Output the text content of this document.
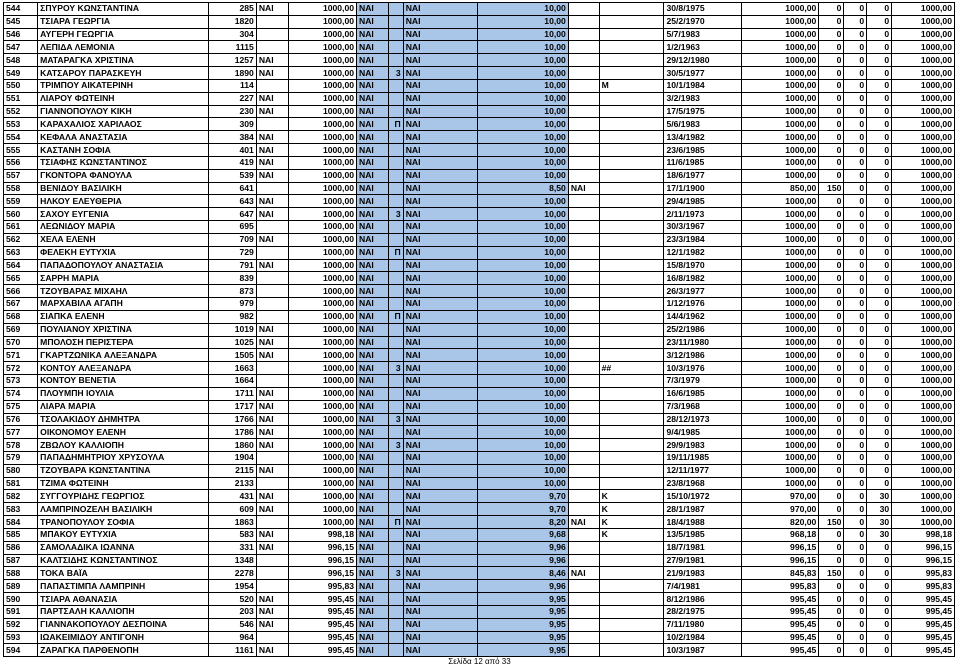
544	ΣΠΥΡΟΥ ΚΩΝΣΤΑΝΤΙΝΑ	285	ΝΑΙ	1000,00	ΝΑΙ		ΝΑΙ	10,00			30/8/1975	1000,00	0	0	0	1000,00
545	ΤΣΙΑΡΑ ΓΕΩΡΓΙΑ	1820		1000,00	ΝΑΙ		ΝΑΙ	10,00			25/2/1970	1000,00	0	0	0	1000,00
546	ΑΥΓΕΡΗ ΓΕΩΡΓΙΑ	304		1000,00	ΝΑΙ		ΝΑΙ	10,00			5/7/1983	1000,00	0	0	0	1000,00
547	ΛΕΠΙΔΑ ΛΕΜΟΝΙΑ	1115		1000,00	ΝΑΙ		ΝΑΙ	10,00			1/2/1963	1000,00	0	0	0	1000,00
548	ΜΑΤΑΡΑΓΚΑ ΧΡΙΣΤΙΝΑ	1257	ΝΑΙ	1000,00	ΝΑΙ		ΝΑΙ	10,00			29/12/1980	1000,00	0	0	0	1000,00
549	ΚΑΤΣΑΡΟΥ ΠΑΡΑΣΚΕΥΗ	1890	ΝΑΙ	1000,00	ΝΑΙ	3	ΝΑΙ	10,00			30/5/1977	1000,00	0	0	0	1000,00
550	ΤΡΙΜΠΟΥ ΑΙΚΑΤΕΡΙΝΗ	114		1000,00	ΝΑΙ		ΝΑΙ	10,00		Μ	10/1/1984	1000,00	0	0	0	1000,00
551	ΛΙΑΡΟΥ ΦΩΤΕΙΝΗ	227	ΝΑΙ	1000,00	ΝΑΙ		ΝΑΙ	10,00			3/2/1983	1000,00	0	0	0	1000,00
552	ΓΙΑΝΝΟΠΟΥΛΟΥ ΚΙΚΗ	230	ΝΑΙ	1000,00	ΝΑΙ		ΝΑΙ	10,00			17/5/1975	1000,00	0	0	0	1000,00
553	ΚΑΡΑΧΑΛΙΟΣ ΧΑΡΙΛΑΟΣ	309		1000,00	ΝΑΙ	Π	ΝΑΙ	10,00			5/6/1983	1000,00	0	0	0	1000,00
554	ΚΕΦΑΛΑ ΑΝΑΣΤΑΣΙΑ	384	ΝΑΙ	1000,00	ΝΑΙ		ΝΑΙ	10,00			13/4/1982	1000,00	0	0	0	1000,00
555	ΚΑΣΤΑΝΗ ΣΟΦΙΑ	401	ΝΑΙ	1000,00	ΝΑΙ		ΝΑΙ	10,00			23/6/1985	1000,00	0	0	0	1000,00
556	ΤΣΙΑΦΗΣ ΚΩΝΣΤΑΝΤΙΝΟΣ	419	ΝΑΙ	1000,00	ΝΑΙ		ΝΑΙ	10,00			11/6/1985	1000,00	0	0	0	1000,00
557	ΓΚΟΝΤΟΡΑ ΦΑΝΟΥΛΑ	539	ΝΑΙ	1000,00	ΝΑΙ		ΝΑΙ	10,00			18/6/1977	1000,00	0	0	0	1000,00
558	ΒΕΝΙΔΟΥ ΒΑΣΙΛΙΚΗ	641		1000,00	ΝΑΙ		ΝΑΙ	8,50	ΝΑΙ		17/1/1900	850,00	150	0	0	1000,00
559	ΗΛΚΟΥ ΕΛΕΥΘΕΡΙΑ	643	ΝΑΙ	1000,00	ΝΑΙ		ΝΑΙ	10,00			29/4/1985	1000,00	0	0	0	1000,00
560	ΣΑΧΟΥ ΕΥΓΕΝΙΑ	647	ΝΑΙ	1000,00	ΝΑΙ	3	ΝΑΙ	10,00			2/11/1973	1000,00	0	0	0	1000,00
561	ΛΕΩΝΙΔΟΥ ΜΑΡΙΑ	695		1000,00	ΝΑΙ		ΝΑΙ	10,00			30/3/1967	1000,00	0	0	0	1000,00
562	ΧΕΛΑ ΕΛΕΝΗ	709	ΝΑΙ	1000,00	ΝΑΙ		ΝΑΙ	10,00			23/3/1984	1000,00	0	0	0	1000,00
563	ΦΕΛΕΚΗ ΕΥΤΥΧΙΑ	729		1000,00	ΝΑΙ	Π	ΝΑΙ	10,00			12/1/1982	1000,00	0	0	0	1000,00
564	ΠΑΠΑΔΟΠΟΥΛΟΥ ΑΝΑΣΤΑΣΙΑ	791	ΝΑΙ	1000,00	ΝΑΙ		ΝΑΙ	10,00			15/8/1970	1000,00	0	0	0	1000,00
565	ΣΑΡΡΗ ΜΑΡΙΑ	839		1000,00	ΝΑΙ		ΝΑΙ	10,00			16/8/1982	1000,00	0	0	0	1000,00
566	ΤΖΟΥΒΑΡΑΣ ΜΙΧΑΗΛ	873		1000,00	ΝΑΙ		ΝΑΙ	10,00			26/3/1977	1000,00	0	0	0	1000,00
567	ΜΑΡΧΑΒΙΛΑ ΑΓΑΠΗ	979		1000,00	ΝΑΙ		ΝΑΙ	10,00			1/12/1976	1000,00	0	0	0	1000,00
568	ΣΙΑΠΚΑ ΕΛΕΝΗ	982		1000,00	ΝΑΙ	Π	ΝΑΙ	10,00			14/4/1962	1000,00	0	0	0	1000,00
569	ΠΟΥΛΙΑΝΟΥ ΧΡΙΣΤΙΝΑ	1019	ΝΑΙ	1000,00	ΝΑΙ		ΝΑΙ	10,00			25/2/1986	1000,00	0	0	0	1000,00
570	ΜΠΟΛΟΣΗ ΠΕΡΙΣΤΕΡΑ	1025	ΝΑΙ	1000,00	ΝΑΙ		ΝΑΙ	10,00			23/11/1980	1000,00	0	0	0	1000,00
571	ΓΚΑΡΤΖΩΝΙΚΑ ΑΛΕΞΑΝΔΡΑ	1505	ΝΑΙ	1000,00	ΝΑΙ		ΝΑΙ	10,00			3/12/1986	1000,00	0	0	0	1000,00
572	ΚΟΝΤΟΥ ΑΛΕΞΑΝΔΡΑ	1663		1000,00	ΝΑΙ	3	ΝΑΙ	10,00		##	10/3/1976	1000,00	0	0	0	1000,00
573	ΚΟΝΤΟΥ ΒΕΝΕΤΙΑ	1664		1000,00	ΝΑΙ		ΝΑΙ	10,00			7/3/1979	1000,00	0	0	0	1000,00
574	ΠΛΟΥΜΠΗ ΙΟΥΛΙΑ	1711	ΝΑΙ	1000,00	ΝΑΙ		ΝΑΙ	10,00			16/6/1985	1000,00	0	0	0	1000,00
575	ΛΙΑΡΑ ΜΑΡΙΑ	1717	ΝΑΙ	1000,00	ΝΑΙ		ΝΑΙ	10,00			7/3/1968	1000,00	0	0	0	1000,00
576	ΤΣΟΛΑΚΙΔΟΥ ΔΗΜΗΤΡΑ	1766	ΝΑΙ	1000,00	ΝΑΙ	3	ΝΑΙ	10,00			28/12/1973	1000,00	0	0	0	1000,00
577	ΟΙΚΟΝΟΜΟΥ ΕΛΕΝΗ	1786	ΝΑΙ	1000,00	ΝΑΙ		ΝΑΙ	10,00			9/4/1985	1000,00	0	0	0	1000,00
578	ΖΒΩΛΟΥ ΚΑΛΛΙΟΠΗ	1860	ΝΑΙ	1000,00	ΝΑΙ	3	ΝΑΙ	10,00			29/9/1983	1000,00	0	0	0	1000,00
579	ΠΑΠΑΔΗΜΗΤΡΙΟΥ ΧΡΥΣΟΥΛΑ	1904		1000,00	ΝΑΙ		ΝΑΙ	10,00			19/11/1985	1000,00	0	0	0	1000,00
580	ΤΖΟΥΒΑΡΑ ΚΩΝΣΤΑΝΤΙΝΑ	2115	ΝΑΙ	1000,00	ΝΑΙ		ΝΑΙ	10,00			12/11/1977	1000,00	0	0	0	1000,00
581	ΤΖΙΜΑ ΦΩΤΕΙΝΗ	2133		1000,00	ΝΑΙ		ΝΑΙ	10,00			23/8/1968	1000,00	0	0	0	1000,00
582	ΣΥΓΓΟΥΡΙΔΗΣ ΓΕΩΡΓΙΟΣ	431	ΝΑΙ	1000,00	ΝΑΙ		ΝΑΙ	9,70		Κ	15/10/1972	970,00	0	0	30	1000,00
583	ΛΑΜΠΡΙΝΟΖΕΛΗ ΒΑΣΙΛΙΚΗ	609	ΝΑΙ	1000,00	ΝΑΙ		ΝΑΙ	9,70		Κ	28/1/1987	970,00	0	0	30	1000,00
584	ΤΡΑΝΟΠΟΥΛΟΥ ΣΟΦΙΑ	1863		1000,00	ΝΑΙ	Π	ΝΑΙ	8,20	ΝΑΙ	Κ	18/4/1988	820,00	150	0	30	1000,00
585	ΜΠΑΚΟΥ ΕΥΤΥΧΙΑ	583	ΝΑΙ	998,18	ΝΑΙ		ΝΑΙ	9,68		Κ	13/5/1985	968,18	0	0	30	998,18
586	ΣΑΜΟΛΑΔΙΚΑ ΙΩΑΝΝΑ	331	ΝΑΙ	996,15	ΝΑΙ		ΝΑΙ	9,96			18/7/1981	996,15	0	0	0	996,15
587	ΚΑΛΤΣΙΔΗΣ ΚΩΝΣΤΑΝΤΙΝΟΣ	1348		996,15	ΝΑΙ		ΝΑΙ	9,96			27/9/1981	996,15	0	0	0	996,15
588	ΤΟΚΑ ΒΑΪΑ	2278		996,15	ΝΑΙ	3	ΝΑΙ	8,46	ΝΑΙ		21/9/1983	845,83	150	0	0	995,83
589	ΠΑΠΑΣΤΙΜΠΑ ΛΑΜΠΡΙΝΗ	1954		995,83	ΝΑΙ		ΝΑΙ	9,96			7/4/1981	995,83	0	0	0	995,83
590	ΤΣΙΑΡΑ ΑΘΑΝΑΣΙΑ	520	ΝΑΙ	995,45	ΝΑΙ		ΝΑΙ	9,95			8/12/1986	995,45	0	0	0	995,45
591	ΠΑΡΤΣΑΛΗ ΚΑΛΛΙΟΠΗ	203	ΝΑΙ	995,45	ΝΑΙ		ΝΑΙ	9,95			28/2/1975	995,45	0	0	0	995,45
592	ΓΙΑΝΝΑΚΟΠΟΥΛΟΥ ΔΕΣΠΟΙΝΑ	546	ΝΑΙ	995,45	ΝΑΙ		ΝΑΙ	9,95			7/11/1980	995,45	0	0	0	995,45
593	ΙΩΑΚΕΙΜΙΔΟΥ ΑΝΤΙΓΟΝΗ	964		995,45	ΝΑΙ		ΝΑΙ	9,95			10/2/1984	995,45	0	0	0	995,45
594	ΖΑΡΑΓΚΑ ΠΑΡΘΕΝΟΠΗ	1161	ΝΑΙ	995,45	ΝΑΙ		ΝΑΙ	9,95			10/3/1987	995,45	0	0	0	995,45
Σελίδα 12 από 33
